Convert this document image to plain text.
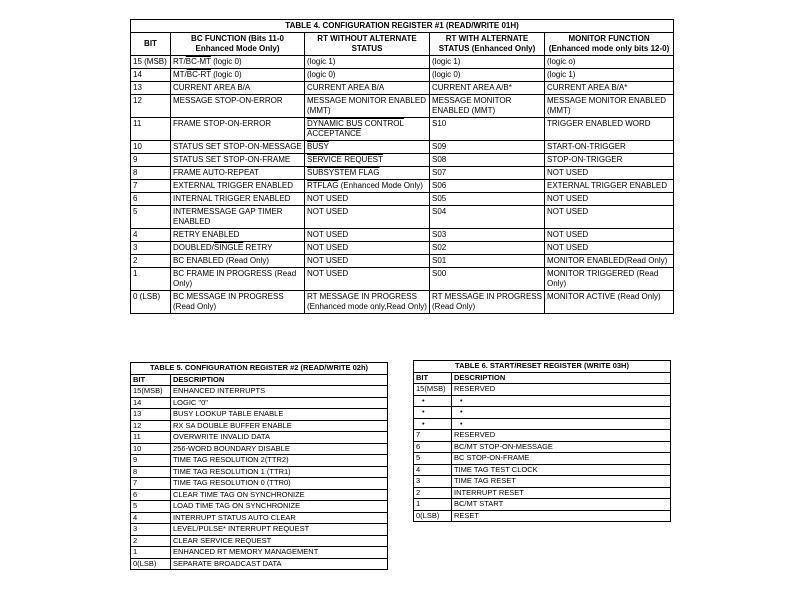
TABLE 4. CONFIGURATION REGISTER #1 (READ/WRITE 01H)				
BIT	BC FUNCTION (Bits 11-0 Enhanced Mode Only)	RT WITHOUT ALTERNATE STATUS	RT WITH ALTERNATE STATUS (Enhanced Only)	MONITOR FUNCTION (Enhanced mode only bits 12-0)
15 (MSB)	RT/BC-MT (logic 0)	(logic 1)	(logic 1)	(logic o)
14	MT/BC-RT (logic 0)	(logic 0)	(logic 0)	(logic 1)
13	CURRENT AREA B/A	CURRENT AREA B/A	CURRENT AREA A/B*	CURRENT AREA B/A*
12	MESSAGE STOP-ON-ERROR	MESSAGE MONITOR ENABLED (MMT)	MESSAGE MONITOR ENABLED (MMT)	MESSAGE MONITOR ENABLED (MMT)
11	FRAME STOP-ON-ERROR	DYNAMIC BUS CONTROL ACCEPTANCE	S10	TRIGGER ENABLED WORD
10	STATUS SET STOP-ON-MESSAGE	BUSY	S09	START-ON-TRIGGER
9	STATUS SET STOP-ON-FRAME	SERVICE REQUEST	S08	STOP-ON-TRIGGER
8	FRAME AUTO-REPEAT	SUBSYSTEM FLAG	S07	NOT USED
7	EXTERNAL TRIGGER ENABLED	RTFLAG (Enhanced Mode Only)	S06	EXTERNAL TRIGGER ENABLED
6	INTERNAL TRIGGER ENABLED	NOT USED	S05	NOT USED
5	INTERMESSAGE GAP TIMER ENABLED	NOT USED	S04	NOT USED
4	RETRY ENABLED	NOT USED	S03	NOT USED
3	DOUBLED/SINGLE RETRY	NOT USED	S02	NOT USED
2	BC ENABLED (Read Only)	NOT USED	S01	MONITOR ENABLED(Read Only)
1	BC FRAME IN PROGRESS (Read Only)	NOT USED	S00	MONITOR TRIGGERED (Read Only)
0 (LSB)	BC MESSAGE IN PROGRESS (Read Only)	RT MESSAGE IN PROGRESS (Enhanced mode only,Read Only)	RT MESSAGE IN PROGRESS (Read Only)	MONITOR ACTIVE (Read Only)
TABLE 5. CONFIGURATION REGISTER #2 (READ/WRITE 02h)	
BIT	DESCRIPTION
15(MSB)	ENHANCED INTERRUPTS
14	LOGIC "0"
13	BUSY LOOKUP TABLE ENABLE
12	RX SA DOUBLE BUFFER ENABLE
11	OVERWRITE INVALID DATA
10	256-WORD BOUNDARY DISABLE
9	TIME TAG RESOLUTION 2(TTR2)
8	TIME TAG RESOLUTION 1 (TTR1)
7	TIME TAG RESOLUTION 0 (TTR0)
6	CLEAR TIME TAG ON SYNCHRONIZE
5	LOAD TIME TAG ON SYNCHRONIZE
4	INTERRUPT STATUS AUTO CLEAR
3	LEVEL/PULSE* INTERRUPT REQUEST
2	CLEAR SERVICE REQUEST
1	ENHANCED RT MEMORY MANAGEMENT
0(LSB)	SEPARATE BROADCAST DATA
TABLE 6. START/RESET REGISTER (WRITE 03H)	
BIT	DESCRIPTION
15(MSB)	RESERVED
•	•
•	•
•	•
7	RESERVED
6	BC/MT STOP-ON-MESSAGE
5	BC STOP-ON-FRAME
4	TIME TAG TEST CLOCK
3	TIME TAG RESET
2	INTERRUPT RESET
1	BC/MT START
0(LSB)	RESET
